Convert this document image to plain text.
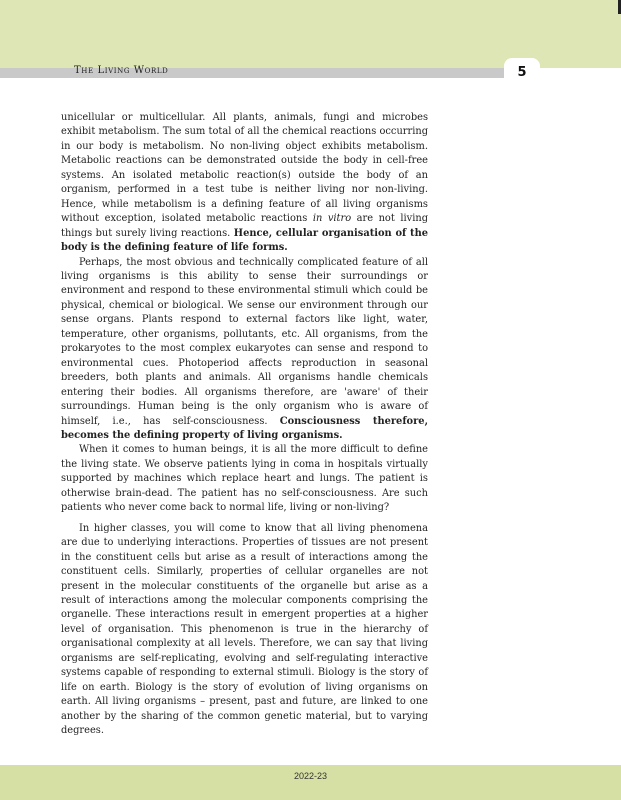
The Living World	5

unicellular or multicellular. All plants, animals, fungi and microbes exhibit metabolism. The sum total of all the chemical reactions occurring in our body is metabolism. No non-living object exhibits metabolism. Metabolic reactions can be demonstrated outside the body in cell-free systems. An isolated metabolic reaction(s) outside the body of an organism, performed in a test tube is neither living nor non-living. Hence, while metabolism is a defining feature of all living organisms without exception, isolated metabolic reactions in vitro are not living things but surely living reactions. Hence, cellular organisation of the body is the defining feature of life forms.

Perhaps, the most obvious and technically complicated feature of all living organisms is this ability to sense their surroundings or environment and respond to these environmental stimuli which could be physical, chemical or biological. We sense our environment through our sense organs. Plants respond to external factors like light, water, temperature, other organisms, pollutants, etc. All organisms, from the prokaryotes to the most complex eukaryotes can sense and respond to environmental cues. Photoperiod affects reproduction in seasonal breeders, both plants and animals. All organisms handle chemicals entering their bodies. All organisms therefore, are 'aware' of their surroundings. Human being is the only organism who is aware of himself, i.e., has self-consciousness. Consciousness therefore, becomes the defining property of living organisms.

When it comes to human beings, it is all the more difficult to define the living state. We observe patients lying in coma in hospitals virtually supported by machines which replace heart and lungs. The patient is otherwise brain-dead. The patient has no self-consciousness. Are such patients who never come back to normal life, living or non-living?

In higher classes, you will come to know that all living phenomena are due to underlying interactions. Properties of tissues are not present in the constituent cells but arise as a result of interactions among the constituent cells. Similarly, properties of cellular organelles are not present in the molecular constituents of the organelle but arise as a result of interactions among the molecular components comprising the organelle. These interactions result in emergent properties at a higher level of organisation. This phenomenon is true in the hierarchy of organisational complexity at all levels. Therefore, we can say that living organisms are self-replicating, evolving and self-regulating interactive systems capable of responding to external stimuli. Biology is the story of life on earth. Biology is the story of evolution of living organisms on earth. All living organisms – present, past and future, are linked to one another by the sharing of the common genetic material, but to varying degrees.

2022-23
